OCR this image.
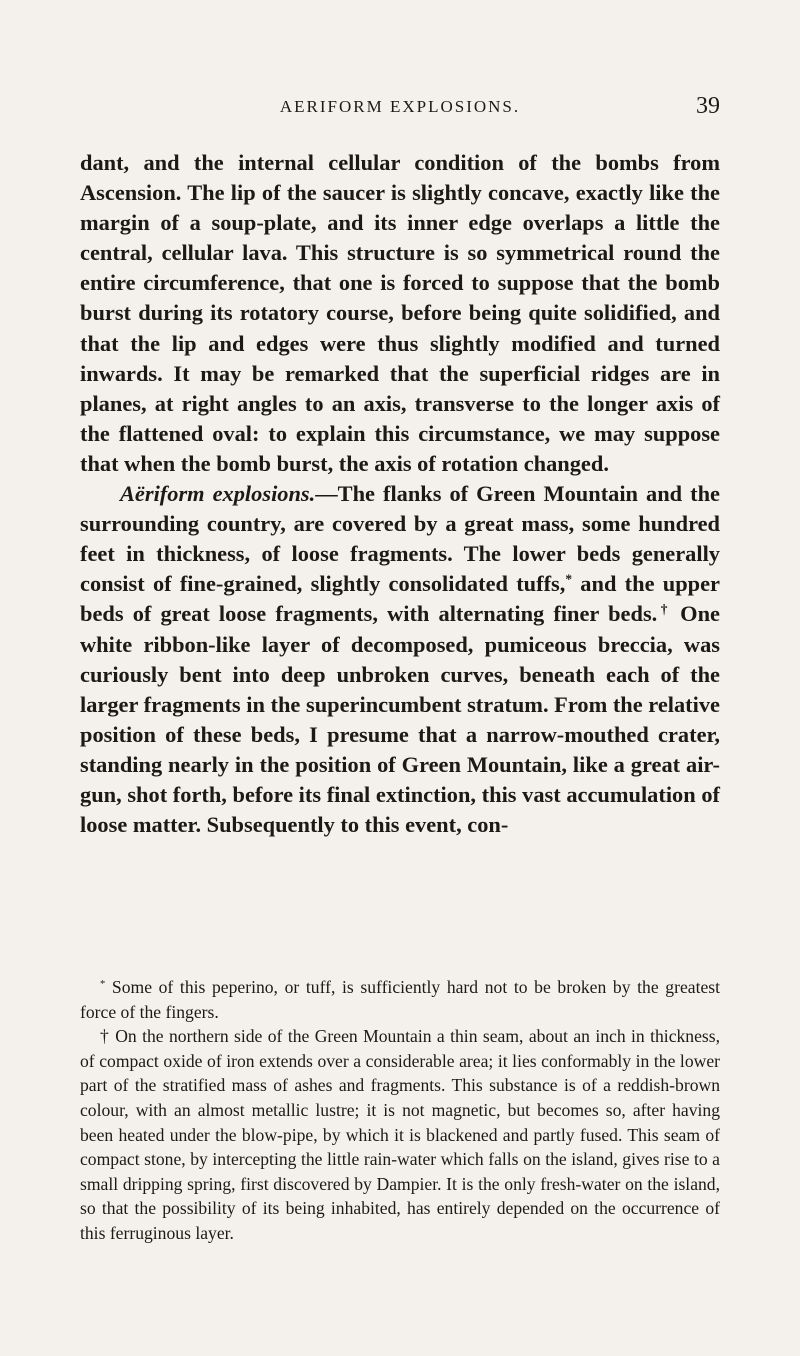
AERIFORM EXPLOSIONS.	39

dant, and the internal cellular condition of the bombs from Ascension. The lip of the saucer is slightly concave, exactly like the margin of a soup-plate, and its inner edge overlaps a little the central, cellular lava. This structure is so symmetrical round the entire circumference, that one is forced to suppose that the bomb burst during its rotatory course, before being quite solidified, and that the lip and edges were thus slightly modified and turned inwards. It may be remarked that the superficial ridges are in planes, at right angles to an axis, transverse to the longer axis of the flattened oval: to explain this circumstance, we may suppose that when the bomb burst, the axis of rotation changed.

Aëriform explosions.—The flanks of Green Mountain and the surrounding country, are covered by a great mass, some hundred feet in thickness, of loose fragments. The lower beds generally consist of fine-grained, slightly consolidated tuffs,* and the upper beds of great loose fragments, with alternating finer beds.† One white ribbon-like layer of decomposed, pumiceous breccia, was curiously bent into deep unbroken curves, beneath each of the larger fragments in the superincumbent stratum. From the relative position of these beds, I presume that a narrow-mouthed crater, standing nearly in the position of Green Mountain, like a great air-gun, shot forth, before its final extinction, this vast accumulation of loose matter. Subsequently to this event, con-

* Some of this peperino, or tuff, is sufficiently hard not to be broken by the greatest force of the fingers.

† On the northern side of the Green Mountain a thin seam, about an inch in thickness, of compact oxide of iron extends over a considerable area; it lies conformably in the lower part of the stratified mass of ashes and fragments. This substance is of a reddish-brown colour, with an almost metallic lustre; it is not magnetic, but becomes so, after having been heated under the blow-pipe, by which it is blackened and partly fused. This seam of compact stone, by intercepting the little rain-water which falls on the island, gives rise to a small dripping spring, first discovered by Dampier. It is the only fresh-water on the island, so that the possibility of its being inhabited, has entirely depended on the occurrence of this ferruginous layer.
